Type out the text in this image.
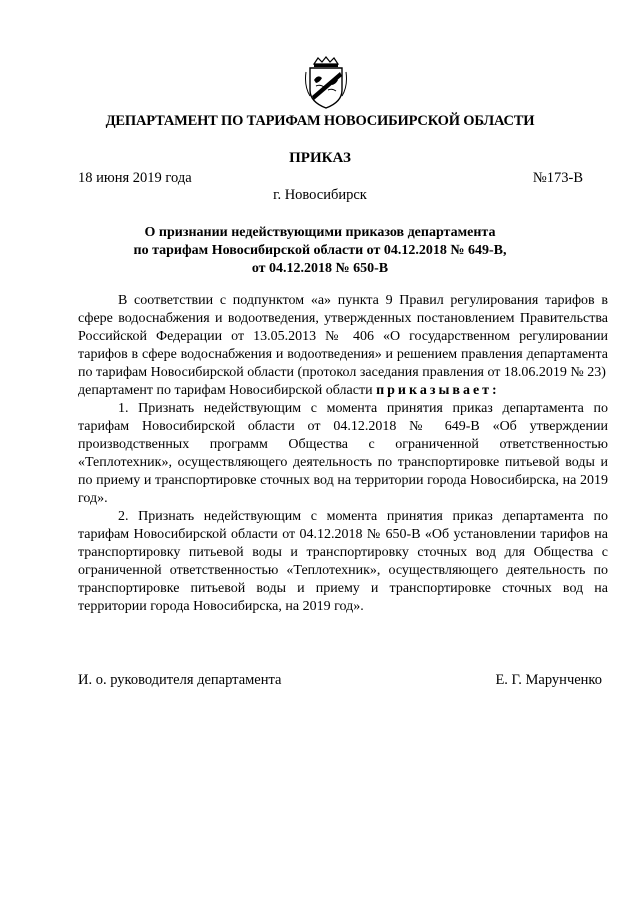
ДЕПАРТАМЕНТ ПО ТАРИФАМ НОВОСИБИРСКОЙ ОБЛАСТИ
ПРИКАЗ
18 июня 2019 года	№173-В
г. Новосибирск
О признании недействующими приказов департамента
по тарифам Новосибирской области от 04.12.2018 № 649-В,
от 04.12.2018 № 650-В

В соответствии с подпунктом «а» пункта 9 Правил регулирования тарифов в сфере водоснабжения и водоотведения, утвержденных постановлением Правительства Российской Федерации от 13.05.2013 № 406 «О государственном регулировании тарифов в сфере водоснабжения и водоотведения» и решением правления департамента по тарифам Новосибирской области (протокол заседания правления от 18.06.2019 № 23)

департамент по тарифам Новосибирской области приказывает:

1. Признать недействующим с момента принятия приказ департамента по тарифам Новосибирской области от 04.12.2018 № 649-В «Об утверждении производственных программ Общества с ограниченной ответственностью «Теплотехник», осуществляющего деятельность по транспортировке питьевой воды и по приему и транспортировке сточных вод на территории города Новосибирска, на 2019 год».

2. Признать недействующим с момента принятия приказ департамента по тарифам Новосибирской области от 04.12.2018 № 650-В «Об установлении тарифов на транспортировку питьевой воды и транспортировку сточных вод для Общества с ограниченной ответственностью «Теплотехник», осуществляющего деятельность по транспортировке питьевой воды и приему и транспортировке сточных вод на территории города Новосибирска, на 2019 год».

И. о. руководителя департамента	Е. Г. Марунченко
